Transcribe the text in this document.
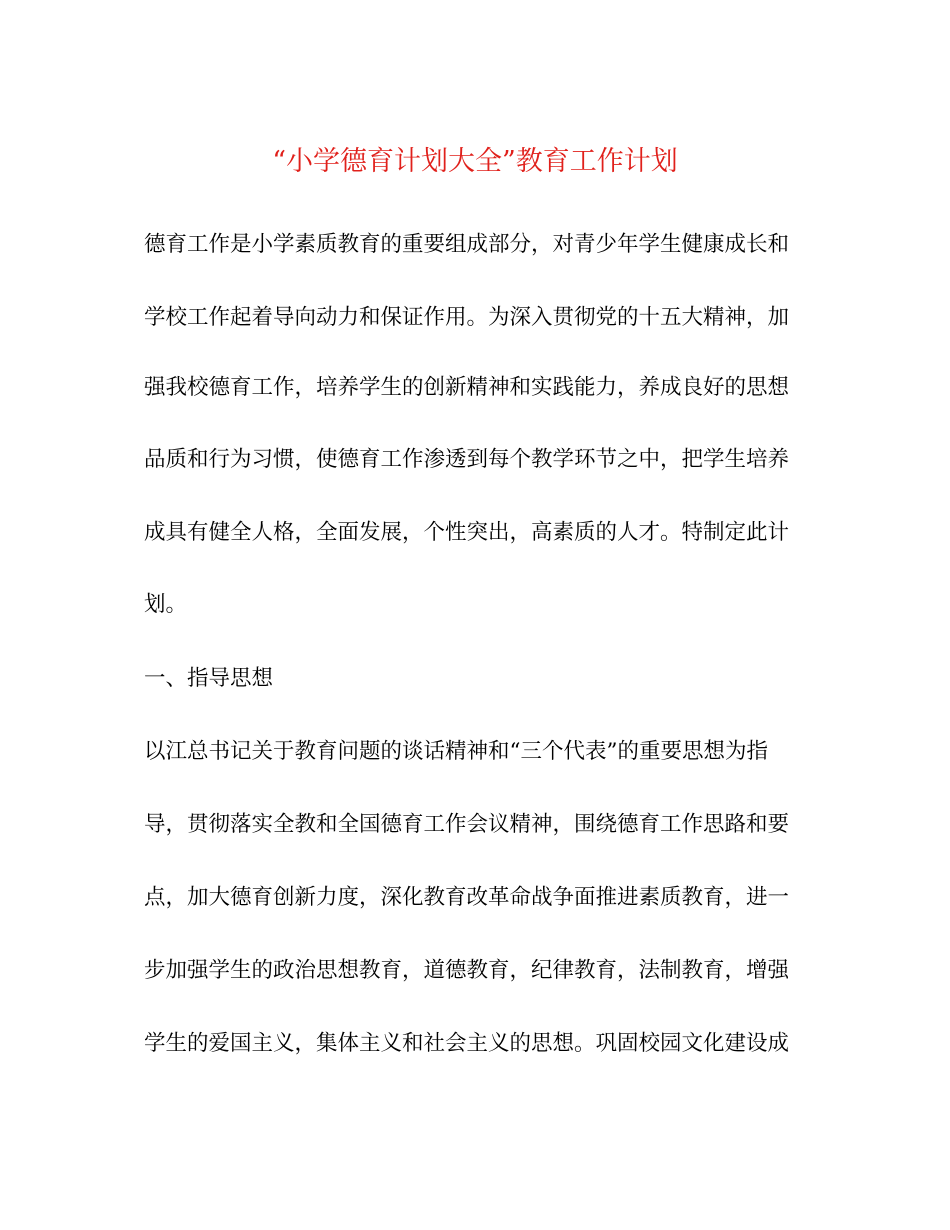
“小学德育计划大全”教育工作计划

德育工作是小学素质教育的重要组成部分，对青少年学生健康成长和

学校工作起着导向动力和保证作用。为深入贯彻党的十五大精神，加

强我校德育工作，培养学生的创新精神和实践能力，养成良好的思想

品质和行为习惯，使德育工作渗透到每个教学环节之中，把学生培养

成具有健全人格，全面发展，个性突出，高素质的人才。特制定此计

划。

一、指导思想

以江总书记关于教育问题的谈话精神和“三个代表”的重要思想为指

导，贯彻落实全教和全国德育工作会议精神，围绕德育工作思路和要

点，加大德育创新力度，深化教育改革命战争面推进素质教育，进一

步加强学生的政治思想教育，道德教育，纪律教育，法制教育，增强

学生的爱国主义，集体主义和社会主义的思想。巩固校园文化建设成
